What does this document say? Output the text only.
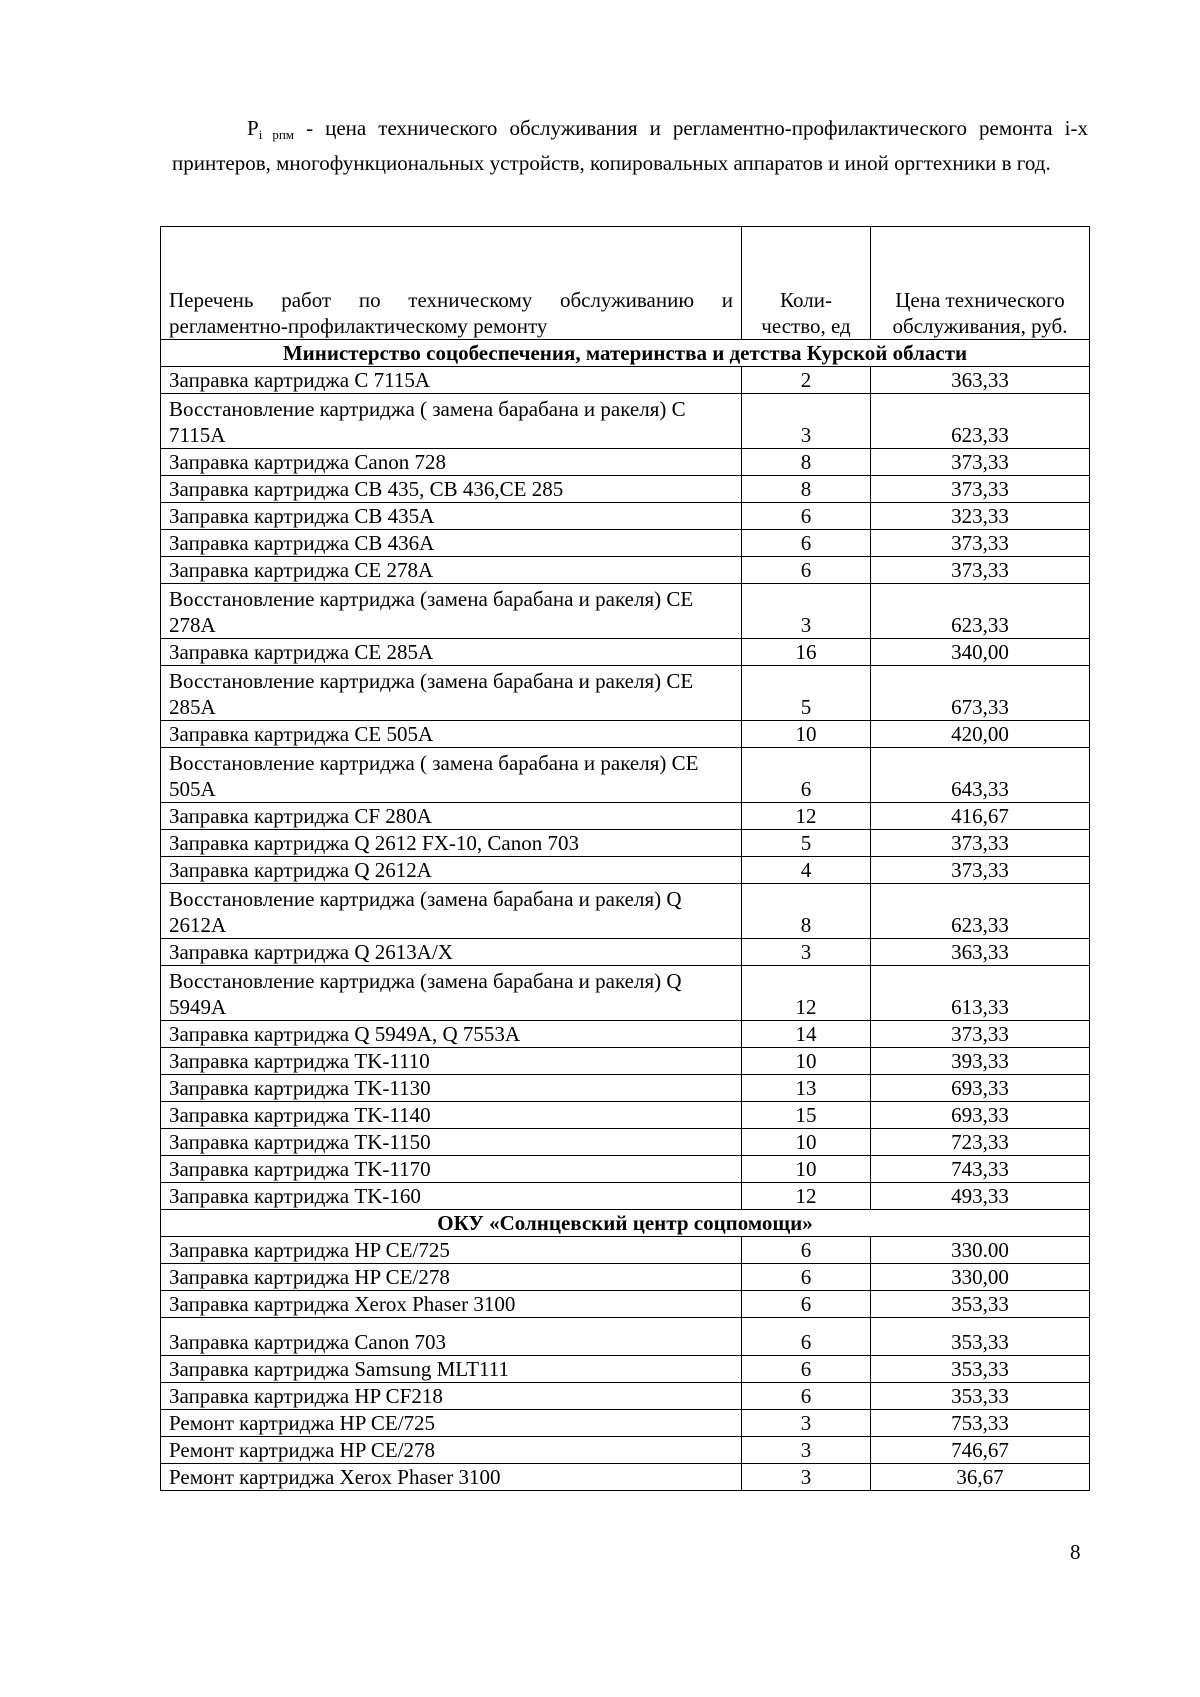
$P_{i рпм}$ - цена технического обслуживания и регламентно-профилактического ремонта i-х принтеров, многофункциональных устройств, копировальных аппаратов и иной оргтехники в год.

Перечень работ по техническому обслуживанию и регламентно-профилактическому ремонту	Коли-чество, ед	Цена технического обслуживания, руб.
Министерство соцобеспечения, материнства и детства Курской области		
Заправка картриджа С 7115А	2	363,33
Восстановление картриджа ( замена барабана и ракеля) С 7115А	3	623,33
Заправка картриджа Canon 728	8	373,33
Заправка картриджа CB 435, CB 436,CE 285	8	373,33
Заправка картриджа CB 435A	6	323,33
Заправка картриджа CB 436A	6	373,33
Заправка картриджа CE 278A	6	373,33
Восстановление картриджа (замена барабана и ракеля) CE 278A	3	623,33
Заправка картриджа CE 285A	16	340,00
Восстановление картриджа (замена барабана и ракеля) CE 285A	5	673,33
Заправка картриджа CE 505A	10	420,00
Восстановление картриджа ( замена барабана и ракеля) CE 505A	6	643,33
Заправка картриджа CF 280A	12	416,67
Заправка картриджа Q 2612 FX-10, Canon 703	5	373,33
Заправка картриджа Q 2612A	4	373,33
Восстановление картриджа (замена барабана и ракеля) Q 2612A	8	623,33
Заправка картриджа Q 2613A/X	3	363,33
Восстановление картриджа (замена барабана и ракеля) Q 5949A	12	613,33
Заправка картриджа Q 5949A, Q 7553A	14	373,33
Заправка картриджа TK-1110	10	393,33
Заправка картриджа TK-1130	13	693,33
Заправка картриджа TK-1140	15	693,33
Заправка картриджа TK-1150	10	723,33
Заправка картриджа TK-1170	10	743,33
Заправка картриджа TK-160	12	493,33
ОКУ «Солнцевский центр соцпомощи»		
Заправка картриджа HP CE/725	6	330.00
Заправка картриджа HP CE/278	6	330,00
Заправка картриджа Xerox Phaser 3100	6	353,33
Заправка картриджа Canon 703	6	353,33
Заправка картриджа Samsung MLT111	6	353,33
Заправка картриджа HP CF218	6	353,33
Ремонт картриджа HP CE/725	3	753,33
Ремонт картриджа HP CE/278	3	746,67
Ремонт картриджа Xerox Phaser 3100	3	36,67
8
